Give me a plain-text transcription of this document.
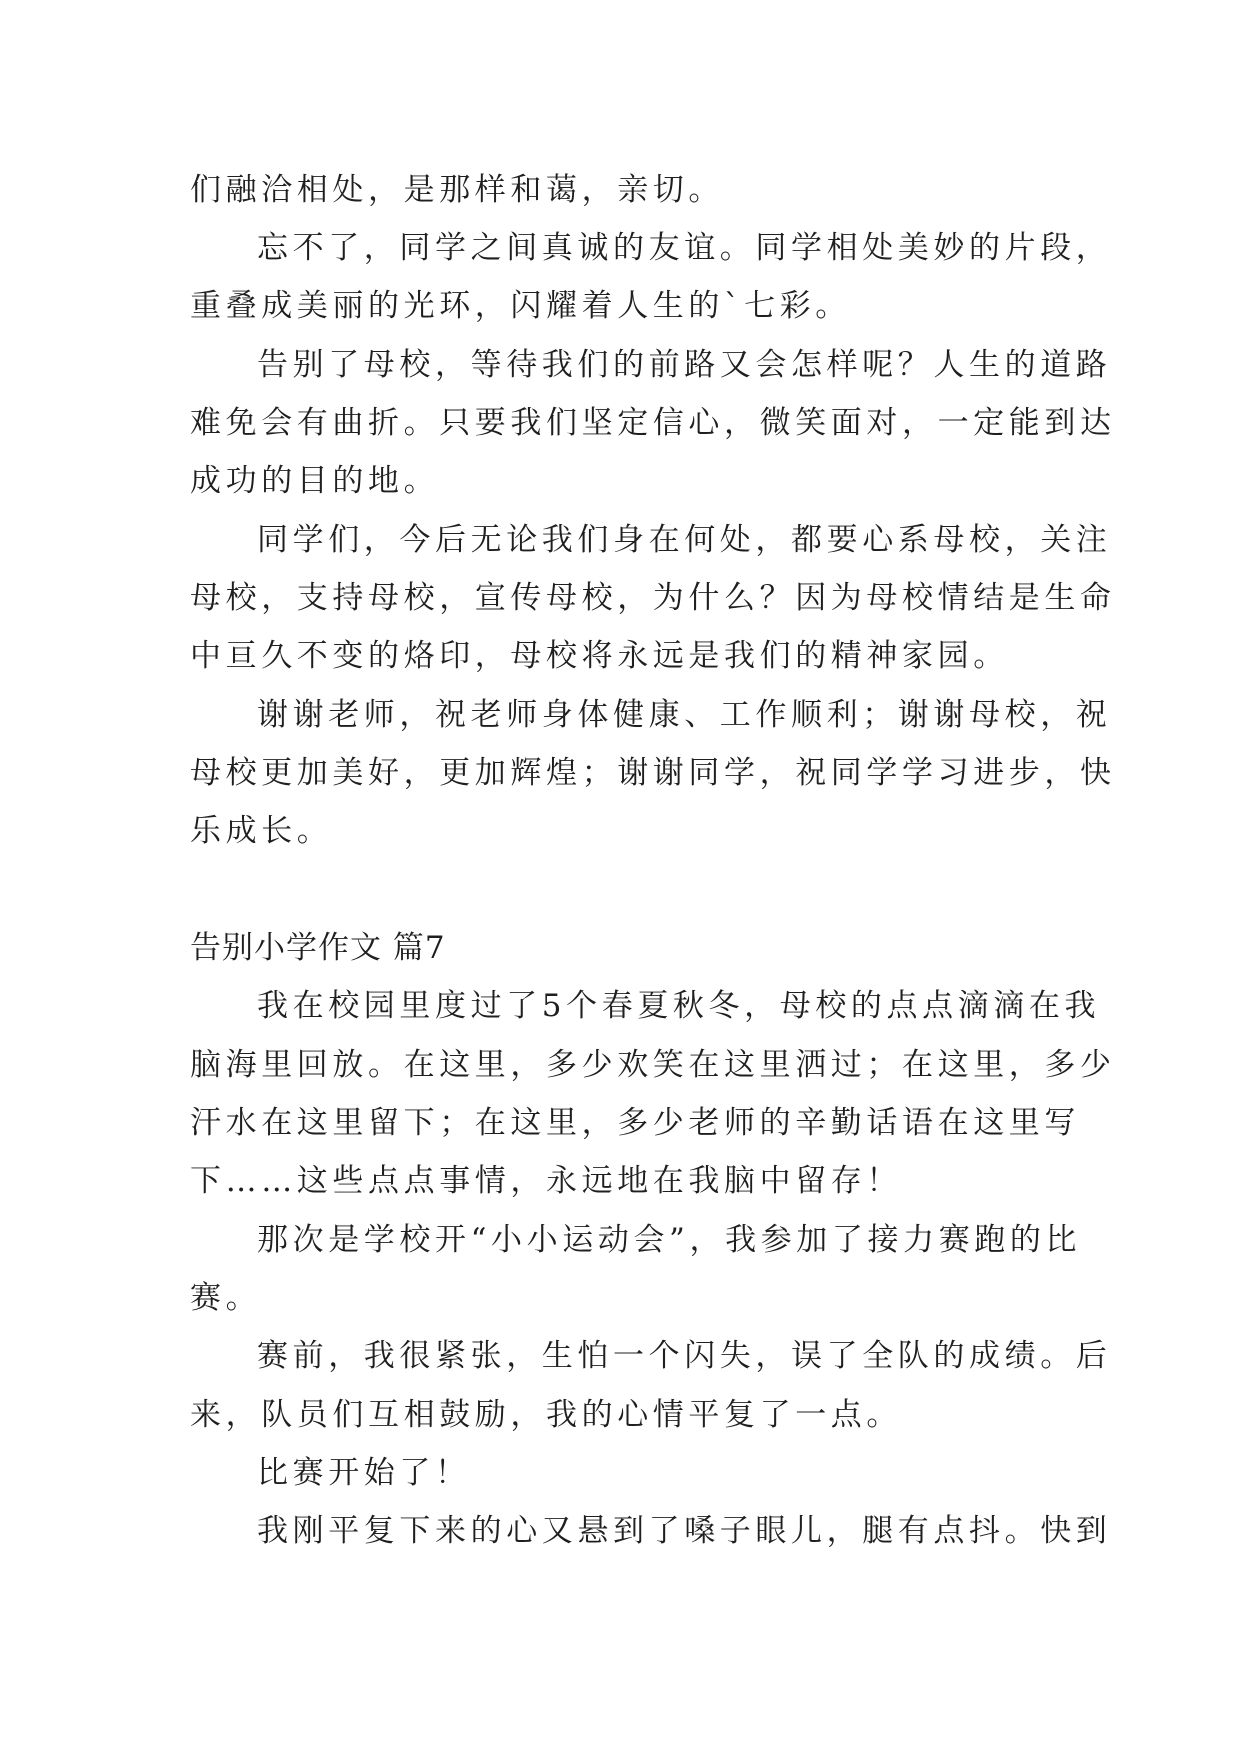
们融洽相处，是那样和蔼，亲切。
忘不了，同学之间真诚的友谊。同学相处美妙的片段，
重叠成美丽的光环，闪耀着人生的`七彩。
告别了母校，等待我们的前路又会怎样呢？人生的道路
难免会有曲折。只要我们坚定信心，微笑面对，一定能到达
成功的目的地。
同学们，今后无论我们身在何处，都要心系母校，关注
母校，支持母校，宣传母校，为什么？因为母校情结是生命
中亘久不变的烙印，母校将永远是我们的精神家园。
谢谢老师，祝老师身体健康、工作顺利；谢谢母校，祝
母校更加美好，更加辉煌；谢谢同学，祝同学学习进步，快
乐成长。
告别小学作文 篇7
我在校园里度过了5个春夏秋冬，母校的点点滴滴在我
脑海里回放。在这里，多少欢笑在这里洒过；在这里，多少
汗水在这里留下；在这里，多少老师的辛勤话语在这里写
下……这些点点事情，永远地在我脑中留存！
那次是学校开“小小运动会”，我参加了接力赛跑的比
赛。
赛前，我很紧张，生怕一个闪失，误了全队的成绩。后
来，队员们互相鼓励，我的心情平复了一点。
比赛开始了！
我刚平复下来的心又悬到了嗓子眼儿，腿有点抖。快到
